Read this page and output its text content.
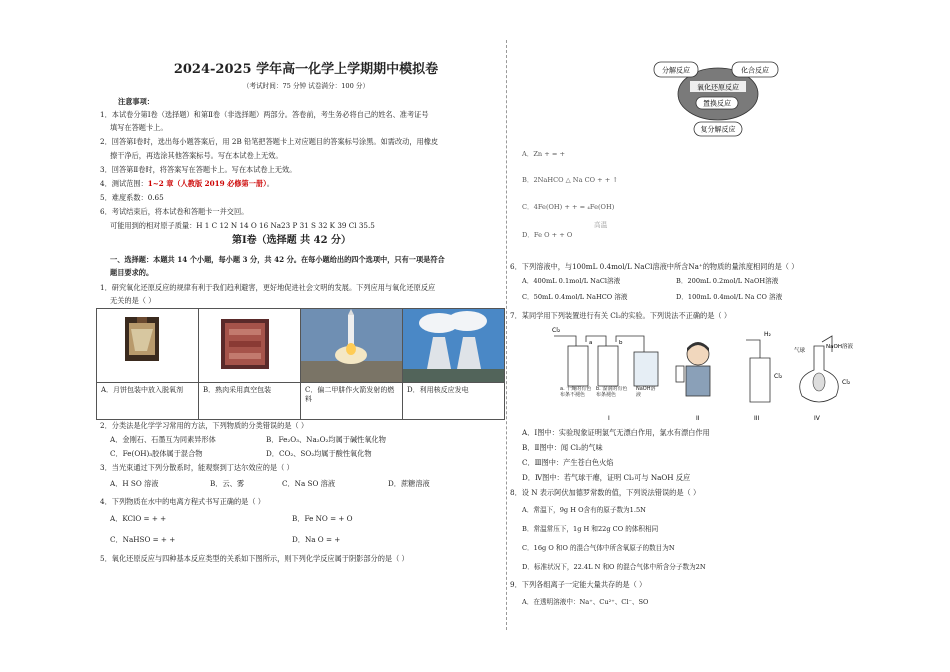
2024-2025 学年高一化学上学期期中模拟卷
（考试时间：75 分钟 试卷满分：100 分）

注意事项：

1．本试卷分第Ⅰ卷（选择题）和第Ⅱ卷（非选择题）两部分。答卷前，考生务必将自己的姓名、准考证号

填写在答题卡上。

2．回答第Ⅰ卷时，选出每小题答案后，用 2B 铅笔把答题卡上对应题目的答案标号涂黑。如需改动，用橡皮

擦干净后，再选涂其他答案标号。写在本试卷上无效。

3．回答第Ⅱ卷时，将答案写在答题卡上。写在本试卷上无效。

4．测试范围：1~2 章（人教版 2019 必修第一册）。

5．难度系数：0.65

6．考试结束后，将本试卷和答题卡一并交回。

可能用到的相对原子质量：H 1 C 12 N 14 O 16 Na23 P 31 S 32 K 39 Cl 35.5

第Ⅰ卷（选择题 共 42 分）

一、选择题：本题共 14 个小题，每小题 3 分，共 42 分。在每小题给出的四个选项中，只有一项是符合

题目要求的。

1．研究氧化还原反应的规律有利于我们趋利避害，更好地促进社会文明的发展。下列应用与氧化还原反应

无关的是（ ）

A．月饼包装中放入脱氧剂	B．熟肉采用真空包装	C．偏二甲肼作火箭发射的燃料

D．利用核反应发电

2．分类法是化学学习常用的方法，下列物质的分类错误的是（ ）

A．金刚石、石墨互为同素异形体	B．Fe₂O₃、Na₂O₂均属于碱性氧化物

C．Fe(OH)₃胶体属于混合物	D．CO₂、SO₂均属于酸性氧化物

3．当光束通过下列分散系时，能观察到丁达尔效应的是（ ）

A．H SO 溶液	B．云、雾	C．Na SO 溶液	D．蔗糖溶液

4．下列物质在水中的电离方程式书写正确的是（ ）

A．KClO = + +	B．Fe NO = + O

C．NaHSO = + +	D．Na O = +

5．氧化还原反应与四种基本反应类型的关系如下图所示，则下列化学反应属于阴影部分的是（ ）

分解反应	化合反应
氧化还原反应
置换反应
复分解反应

A．Zn + = +

B．2NaHCO △ Na CO + + ↑

C．4Fe(OH) + + = ₄Fe(OH)

高温

D．Fe O + + O

6．下列溶液中，与100mL 0.4mol/L NaCl溶液中所含Na⁺的物质的量浓度相同的是（ ）

A．400mL 0.1mol/L NaCl溶液	B．200mL 0.2mol/L NaOH溶液

C．50mL 0.4mol/L NaHCO 溶液	D．100mL 0.4mol/L Na CO 溶液

7．某同学用下列装置进行有关 Cl₂的实验。下列说法不正确的是（ ）

Cl₂
a	b
a. 干燥的有色布条不褪色
b. 湿润的有色布条褪色
NaOH溶液
I	II
H₂
Cl₂
III
气球
NaOH溶液
Cl₂
IV

A．Ⅰ图中：实验现象证明氯气无漂白作用，氯水有漂白作用

B．Ⅱ图中：闻 Cl₂的气味

C．Ⅲ图中：产生苍白色火焰

D．Ⅳ图中：若气球干瘪，证明 Cl₂可与 NaOH 反应

8．设 N 表示阿伏加德罗常数的值，下列说法错误的是（ ）

A．常温下，9g H O含有的原子数为1.5N

B．常温常压下，1g H 和22g CO 的体积相同

C．16g O 和O 的混合气体中所含氧原子的数目为N

D．标准状况下，22.4L N 和O 的混合气体中所含分子数为2N

9．下列各组离子一定能大量共存的是（ ）

A．在透明溶液中：Na⁺、Cu²⁺、Cl⁻、SO
